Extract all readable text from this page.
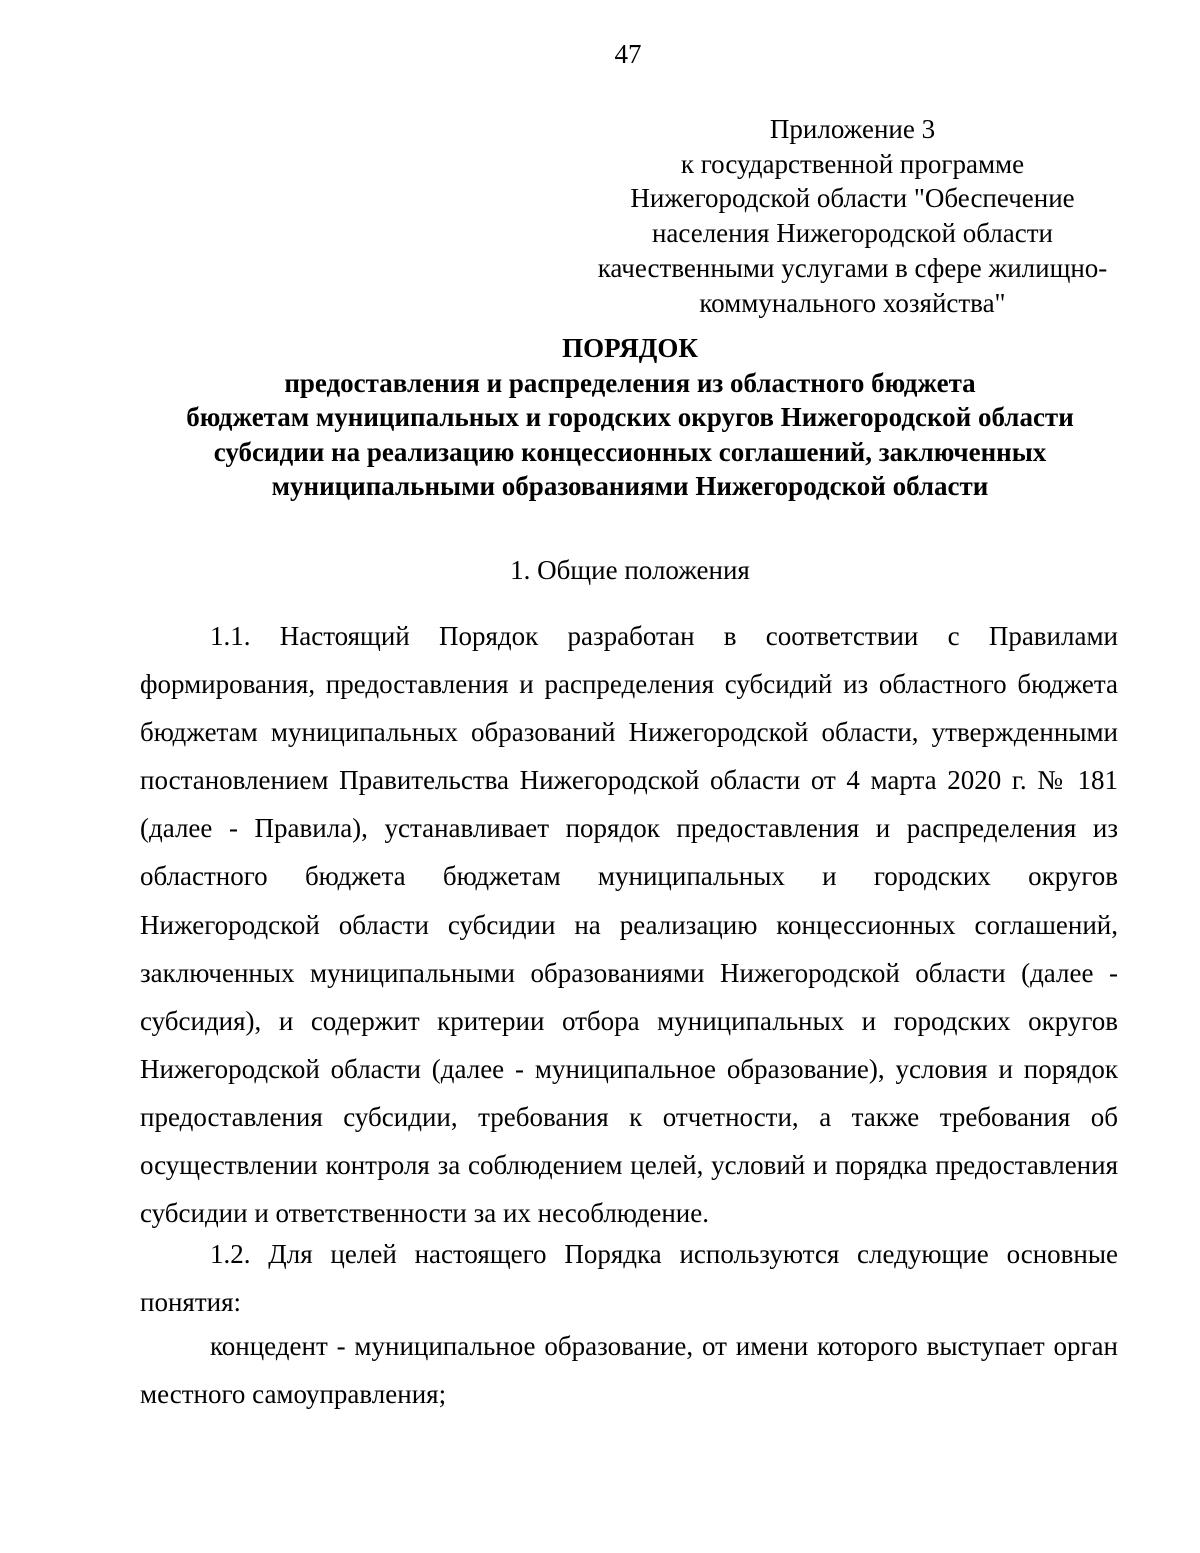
47
Приложение 3
к государственной программе
Нижегородской области "Обеспечение
населения Нижегородской области
качественными услугами в сфере жилищно-
коммунального хозяйства"
ПОРЯДОК
предоставления и распределения из областного бюджета
бюджетам муниципальных и городских округов Нижегородской области
субсидии на реализацию концессионных соглашений, заключенных
муниципальными образованиями Нижегородской области
1. Общие положения

1.1. Настоящий Порядок разработан в соответствии с Правилами формирования, предоставления и распределения субсидий из областного бюджета бюджетам муниципальных образований Нижегородской области, утвержденными постановлением Правительства Нижегородской области от 4 марта 2020 г. № 181 (далее - Правила), устанавливает порядок предоставления и распределения из областного бюджета бюджетам муниципальных и городских округов Нижегородской области субсидии на реализацию концессионных соглашений, заключенных муниципальными образованиями Нижегородской области (далее - субсидия), и содержит критерии отбора муниципальных и городских округов Нижегородской области (далее - муниципальное образование), условия и порядок предоставления субсидии, требования к отчетности, а также требования об осуществлении контроля за соблюдением целей, условий и порядка предоставления субсидии и ответственности за их несоблюдение.

1.2. Для целей настоящего Порядка используются следующие основные понятия:

концедент - муниципальное образование, от имени которого выступает орган местного самоуправления;
